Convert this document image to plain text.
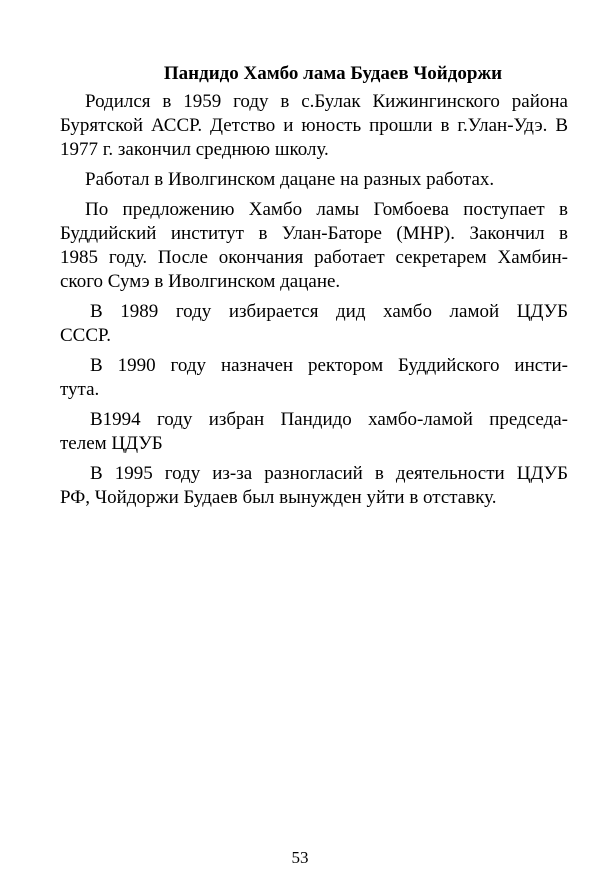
Пандидо Хамбо лама Будаев Чойдоржи
Родился в 1959 году в с.Булак Кижингинского района
Бурятской АССР. Детство и юность прошли в г.Улан-Удэ. В
1977 г. закончил среднюю школу.
Работал в Иволгинском дацане на разных работах.
По предложению Хамбо ламы Гомбоева поступает в
Буддийский институт в Улан-Баторе (МНР). Закончил в
1985 году. После окончания работает секретарем Хамбин-
ского Сумэ в Иволгинском дацане.
В 1989 году избирается дид хамбо ламой ЦДУБ
СССР.
В 1990 году назначен ректором Буддийского инсти-
тута.
В1994 году избран Пандидо хамбо-ламой председа-
телем ЦДУБ
В 1995 году из-за разногласий в деятельности ЦДУБ
РФ, Чойдоржи Будаев был вынужден уйти в отставку.
53
